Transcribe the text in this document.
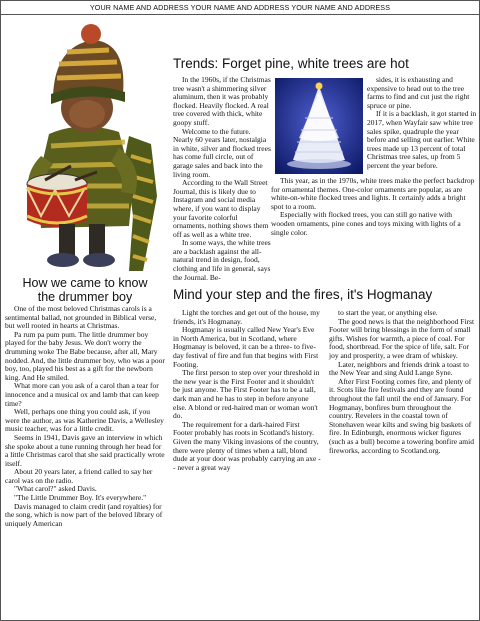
YOUR NAME AND ADDRESS YOUR NAME AND ADDRESS YOUR NAME AND ADDRESS
How we came to know
the drummer boy

One of the most beloved Christmas carols is a sentimental ballad, not grounded in Biblical verse, but well rooted in hearts at Christmas.

Pa rum pa pum pum. The little drummer boy played for the baby Jesus. We don't worry the drumming woke The Babe because, after all, Mary nodded. And, the little drummer boy, who was a poor boy, too, played his best as a gift for the newborn king. And He smiled.

What more can you ask of a carol than a tear for innocence and a musical ox and lamb that can keep time?

Well, perhaps one thing you could ask, if you were the author, as was Katherine Davis, a Wellesley music teacher, was for a little credit.

Seems in 1941, Davis gave an interview in which she spoke about a tune running through her head for a little Christmas carol that she said practically wrote itself.

About 20 years later, a friend called to say her carol was on the radio.

"What carol?" asked Davis.

"The Little Drummer Boy. It's everywhere."

Davis managed to claim credit (and royalties) for the song, which is now part of the beloved library of uniquely American

Trends: Forget pine, white trees are hot

In the 1960s, if the Christmas tree wasn't a shimmering silver aluminum, then it was probably flocked. Heavily flocked. A real tree covered with thick, white goopy stuff.

Welcome to the future. Nearly 60 years later, nostalgia in white, silver and flocked trees has come full circle, out of garage sales and back into the living room.

According to the Wall Street Journal, this is likely due to Instagram and social media where, if you want to display your favorite colorful ornaments, nothing shows them off as well as a white tree.

In some ways, the white trees are a backlash against the all-natural trend in design, food, clothing and life in general, says the Journal. Be-

sides, it is exhausting and expensive to head out to the tree farms to find and cut just the right spruce or pine.

If it is a backlash, it got started in 2017, when Wayfair saw white tree sales spike, quadruple the year before and selling out earlier. White trees made up 13 percent of total Christmas tree sales, up from 5 percent the year before.

This year, as in the 1970s, white trees make the perfect backdrop for ornamental themes. One-color ornaments are popular, as are white-on-white flocked trees and lights. It certainly adds a bright spot to a room.

Especially with flocked trees, you can still go native with wooden ornaments, pine cones and toys mixing with lights of a single color.

Mind your step and the fires, it's Hogmanay

Light the torches and get out of the house, my friends, it's Hogmanay.

Hogmanay is usually called New Year's Eve in North America, but in Scotland, where Hogmanay is beloved, it can be a three- to five-day festival of fire and fun that begins with First Footing.

The first person to step over your threshold in the new year is the First Footer and it shouldn't be just anyone. The First Footer has to be a tall, dark man and he has to step in before anyone else. A blond or red-haired man or woman won't do.

The requirement for a dark-haired First Footer probably has roots in Scotland's history. Given the many Viking invasions of the country, there were plenty of times when a tall, blond dude at your door was probably carrying an axe -- never a great way

to start the year, or anything else.

The good news is that the neighborhood First Footer will bring blessings in the form of small gifts. Wishes for warmth, a piece of coal. For food, shortbread. For the spice of life, salt. For joy and prosperity, a wee dram of whiskey.

Later, neighbors and friends drink a toast to the New Year and sing Auld Lange Syne.

After First Footing comes fire, and plenty of it. Scots like fire festivals and they are found throughout the fall until the end of January. For Hogmanay, bonfires burn throughout the country. Revelers in the coastal town of Stonehaven wear kilts and swing big baskets of fire. In Edinburgh, enormous wicker figures (such as a bull) become a towering bonfire amid fireworks, according to Scotland.org.
